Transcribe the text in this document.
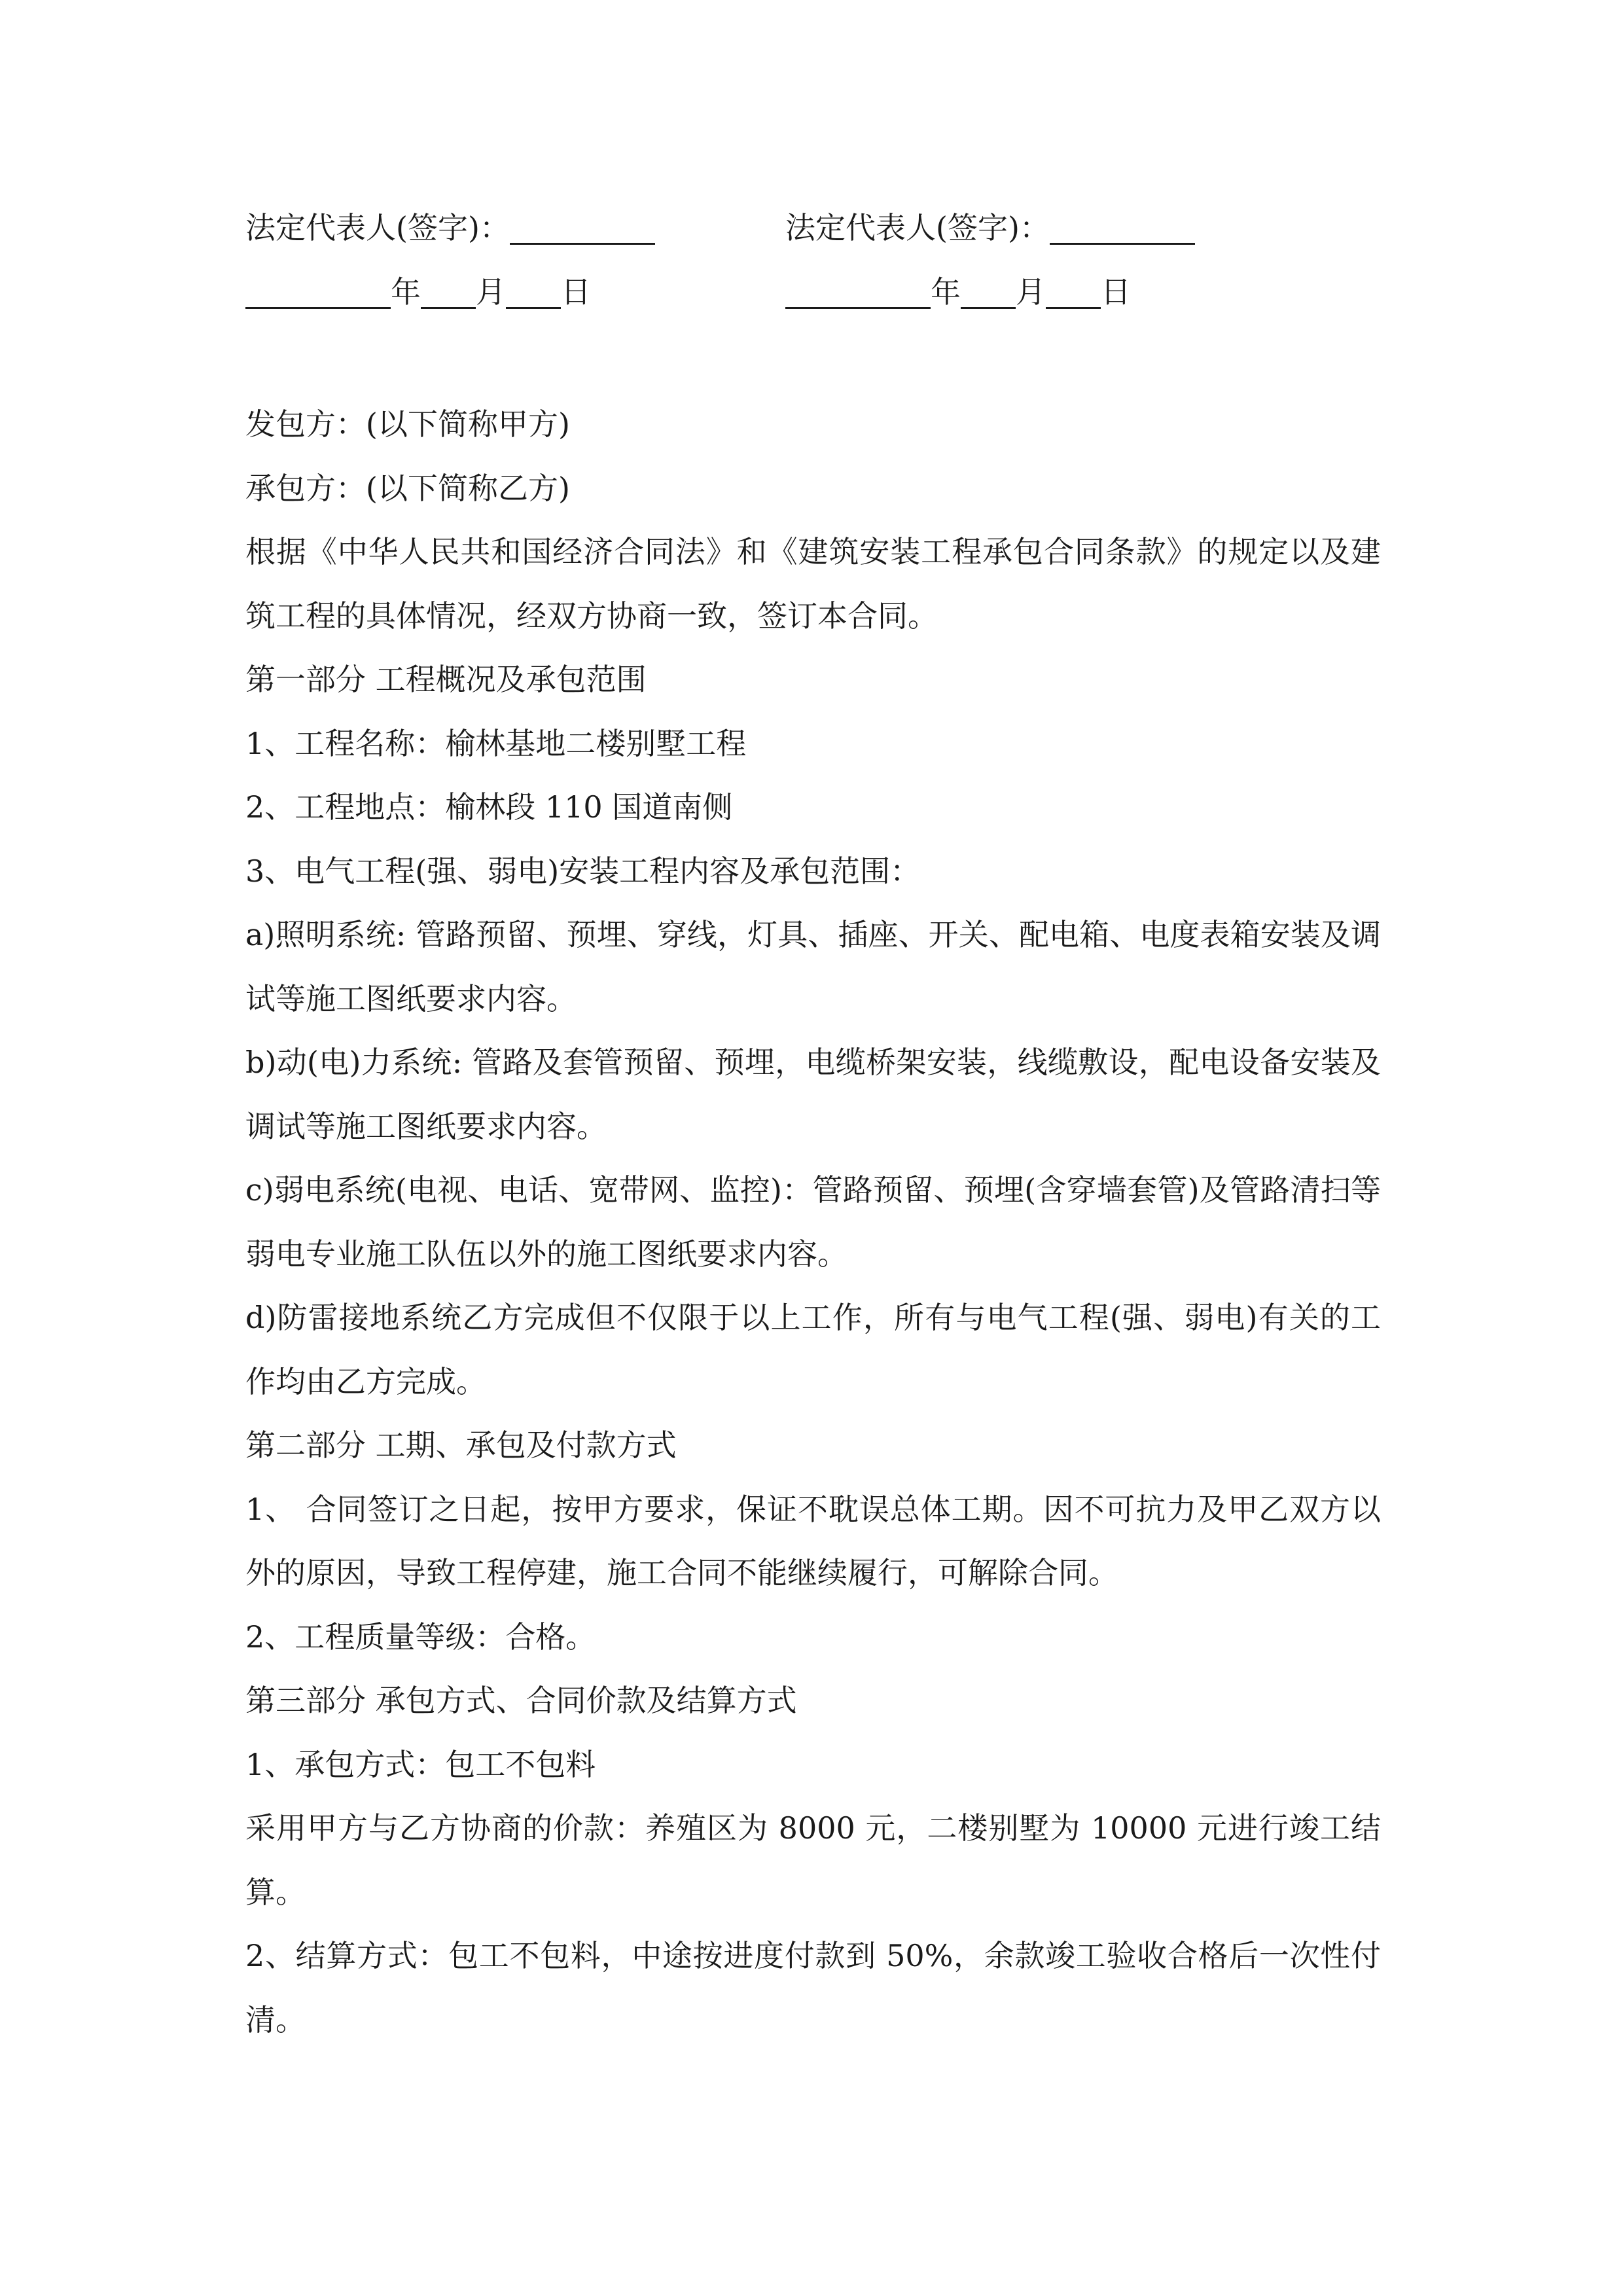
法定代表人(签字)：	法定代表人(签字)：
年 月 日	年 月 日

发包方：(以下简称甲方)

承包方：(以下简称乙方)

根据《中华人民共和国经济合同法》和《建筑安装工程承包合同条款》的规定以及建筑工程的具体情况，经双方协商一致，签订本合同。

第一部分 工程概况及承包范围

1、工程名称：榆林基地二楼别墅工程

2、工程地点：榆林段 110 国道南侧

3、电气工程(强、弱电)安装工程内容及承包范围：

a)照明系统: 管路预留、预埋、穿线，灯具、插座、开关、配电箱、电度表箱安装及调试等施工图纸要求内容。

b)动(电)力系统: 管路及套管预留、预埋，电缆桥架安装，线缆敷设，配电设备安装及调试等施工图纸要求内容。

c)弱电系统(电视、电话、宽带网、监控)：管路预留、预埋(含穿墙套管)及管路清扫等弱电专业施工队伍以外的施工图纸要求内容。

d)防雷接地系统乙方完成但不仅限于以上工作，所有与电气工程(强、弱电)有关的工作均由乙方完成。

第二部分 工期、承包及付款方式

1、 合同签订之日起，按甲方要求，保证不耽误总体工期。因不可抗力及甲乙双方以外的原因，导致工程停建，施工合同不能继续履行，可解除合同。

2、工程质量等级：合格。

第三部分 承包方式、合同价款及结算方式

1、承包方式：包工不包料

采用甲方与乙方协商的价款：养殖区为 8000 元，二楼别墅为 10000 元进行竣工结算。

2、结算方式：包工不包料，中途按进度付款到 50%，余款竣工验收合格后一次性付清。
